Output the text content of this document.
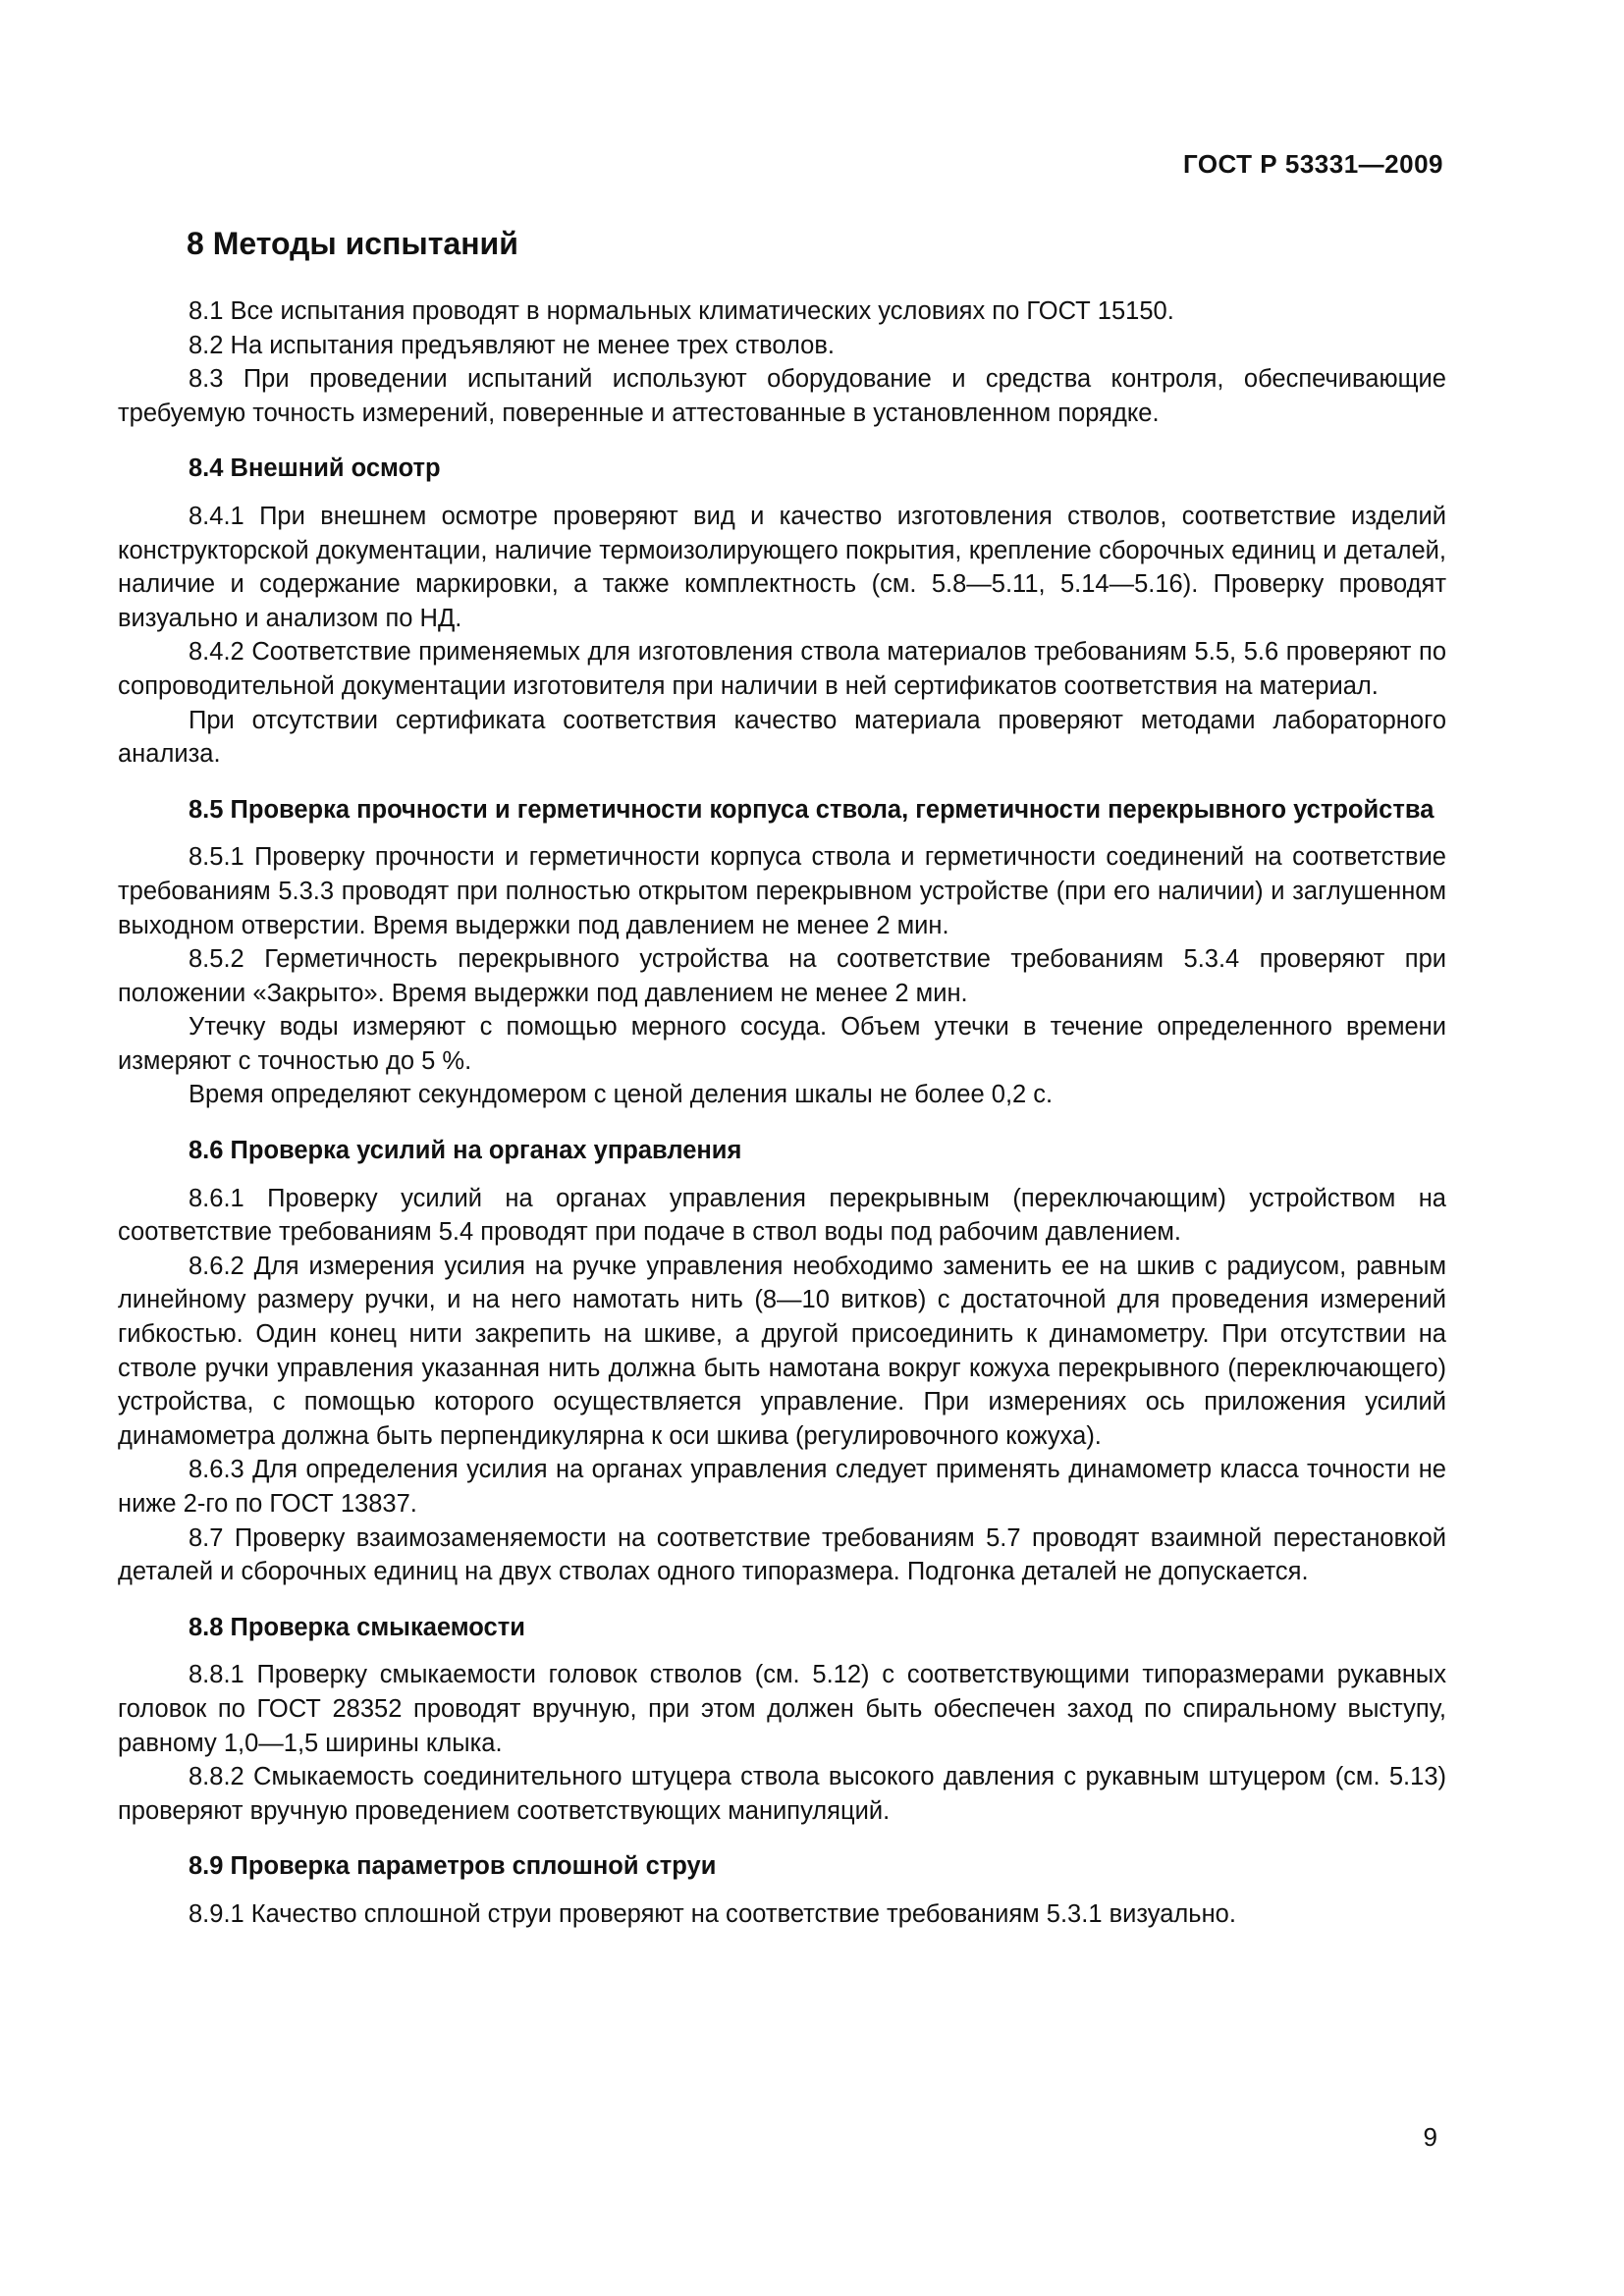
ГОСТ Р 53331—2009
8 Методы испытаний

8.1 Все испытания проводят в нормальных климатических условиях по ГОСТ 15150.

8.2 На испытания предъявляют не менее трех стволов.

8.3 При проведении испытаний используют оборудование и средства контроля, обеспечивающие требуемую точность измерений, поверенные и аттестованные в установленном порядке.

8.4 Внешний осмотр

8.4.1 При внешнем осмотре проверяют вид и качество изготовления стволов, соответствие изделий конструкторской документации, наличие термоизолирующего покрытия, крепление сборочных единиц и деталей, наличие и содержание маркировки, а также комплектность (см. 5.8—5.11, 5.14—5.16). Проверку проводят визуально и анализом по НД.

8.4.2 Соответствие применяемых для изготовления ствола материалов требованиям 5.5, 5.6 проверяют по сопроводительной документации изготовителя при наличии в ней сертификатов соответствия на материал.

При отсутствии сертификата соответствия качество материала проверяют методами лабораторного анализа.

8.5 Проверка прочности и герметичности корпуса ствола, герметичности перекрывного устройства

8.5.1 Проверку прочности и герметичности корпуса ствола и герметичности соединений на соответствие требованиям 5.3.3 проводят при полностью открытом перекрывном устройстве (при его наличии) и заглушенном выходном отверстии. Время выдержки под давлением не менее 2 мин.

8.5.2 Герметичность перекрывного устройства на соответствие требованиям 5.3.4 проверяют при положении «Закрыто». Время выдержки под давлением не менее 2 мин.

Утечку воды измеряют с помощью мерного сосуда. Объем утечки в течение определенного времени измеряют с точностью до 5 %.

Время определяют секундомером с ценой деления шкалы не более 0,2 с.

8.6 Проверка усилий на органах управления

8.6.1 Проверку усилий на органах управления перекрывным (переключающим) устройством на соответствие требованиям 5.4 проводят при подаче в ствол воды под рабочим давлением.

8.6.2 Для измерения усилия на ручке управления необходимо заменить ее на шкив с радиусом, равным линейному размеру ручки, и на него намотать нить (8—10 витков) с достаточной для проведения измерений гибкостью. Один конец нити закрепить на шкиве, а другой присоединить к динамометру. При отсутствии на стволе ручки управления указанная нить должна быть намотана вокруг кожуха перекрывного (переключающего) устройства, с помощью которого осуществляется управление. При измерениях ось приложения усилий динамометра должна быть перпендикулярна к оси шкива (регулировочного кожуха).

8.6.3 Для определения усилия на органах управления следует применять динамометр класса точности не ниже 2-го по ГОСТ 13837.

8.7 Проверку взаимозаменяемости на соответствие требованиям 5.7 проводят взаимной перестановкой деталей и сборочных единиц на двух стволах одного типоразмера. Подгонка деталей не допускается.

8.8 Проверка смыкаемости

8.8.1 Проверку смыкаемости головок стволов (см. 5.12) с соответствующими типоразмерами рукавных головок по ГОСТ 28352 проводят вручную, при этом должен быть обеспечен заход по спиральному выступу, равному 1,0—1,5 ширины клыка.

8.8.2 Смыкаемость соединительного штуцера ствола высокого давления с рукавным штуцером (см. 5.13) проверяют вручную проведением соответствующих манипуляций.

8.9 Проверка параметров сплошной струи

8.9.1 Качество сплошной струи проверяют на соответствие требованиям 5.3.1 визуально.

9
